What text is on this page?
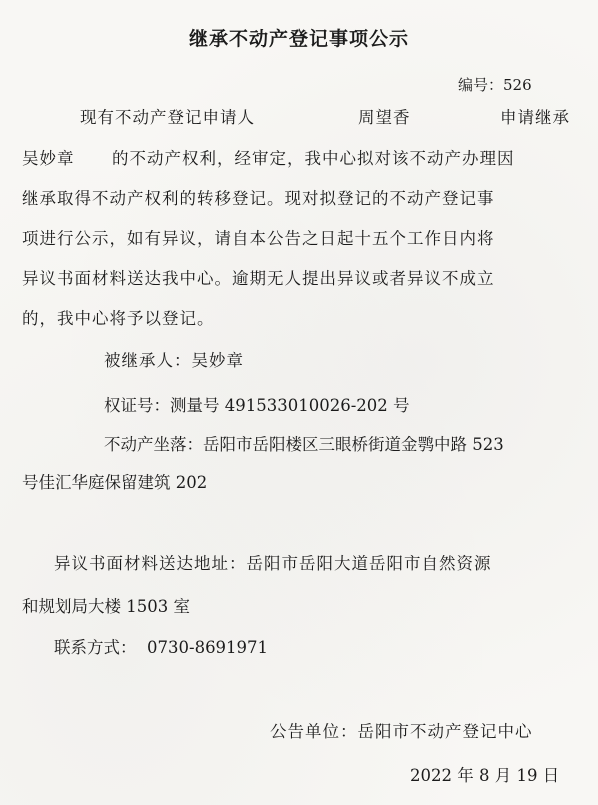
继承不动产登记事项公示
编号：526
现有不动产登记申请人	周望香	申请继承
吴妙章 的不动产权利，经审定，我中心拟对该不动产办理因
继承取得不动产权利的转移登记。现对拟登记的不动产登记事
项进行公示，如有异议，请自本公告之日起十五个工作日内将
异议书面材料送达我中心。逾期无人提出异议或者异议不成立
的，我中心将予以登记。
被继承人：吴妙章
权证号：测量号 491533010026-202 号
不动产坐落：岳阳市岳阳楼区三眼桥街道金鹗中路 523
号佳汇华庭保留建筑 202
异议书面材料送达地址：岳阳市岳阳大道岳阳市自然资源
和规划局大楼 1503 室
联系方式： 0730-8691971
公告单位：岳阳市不动产登记中心
2022 年 8 月 19 日
